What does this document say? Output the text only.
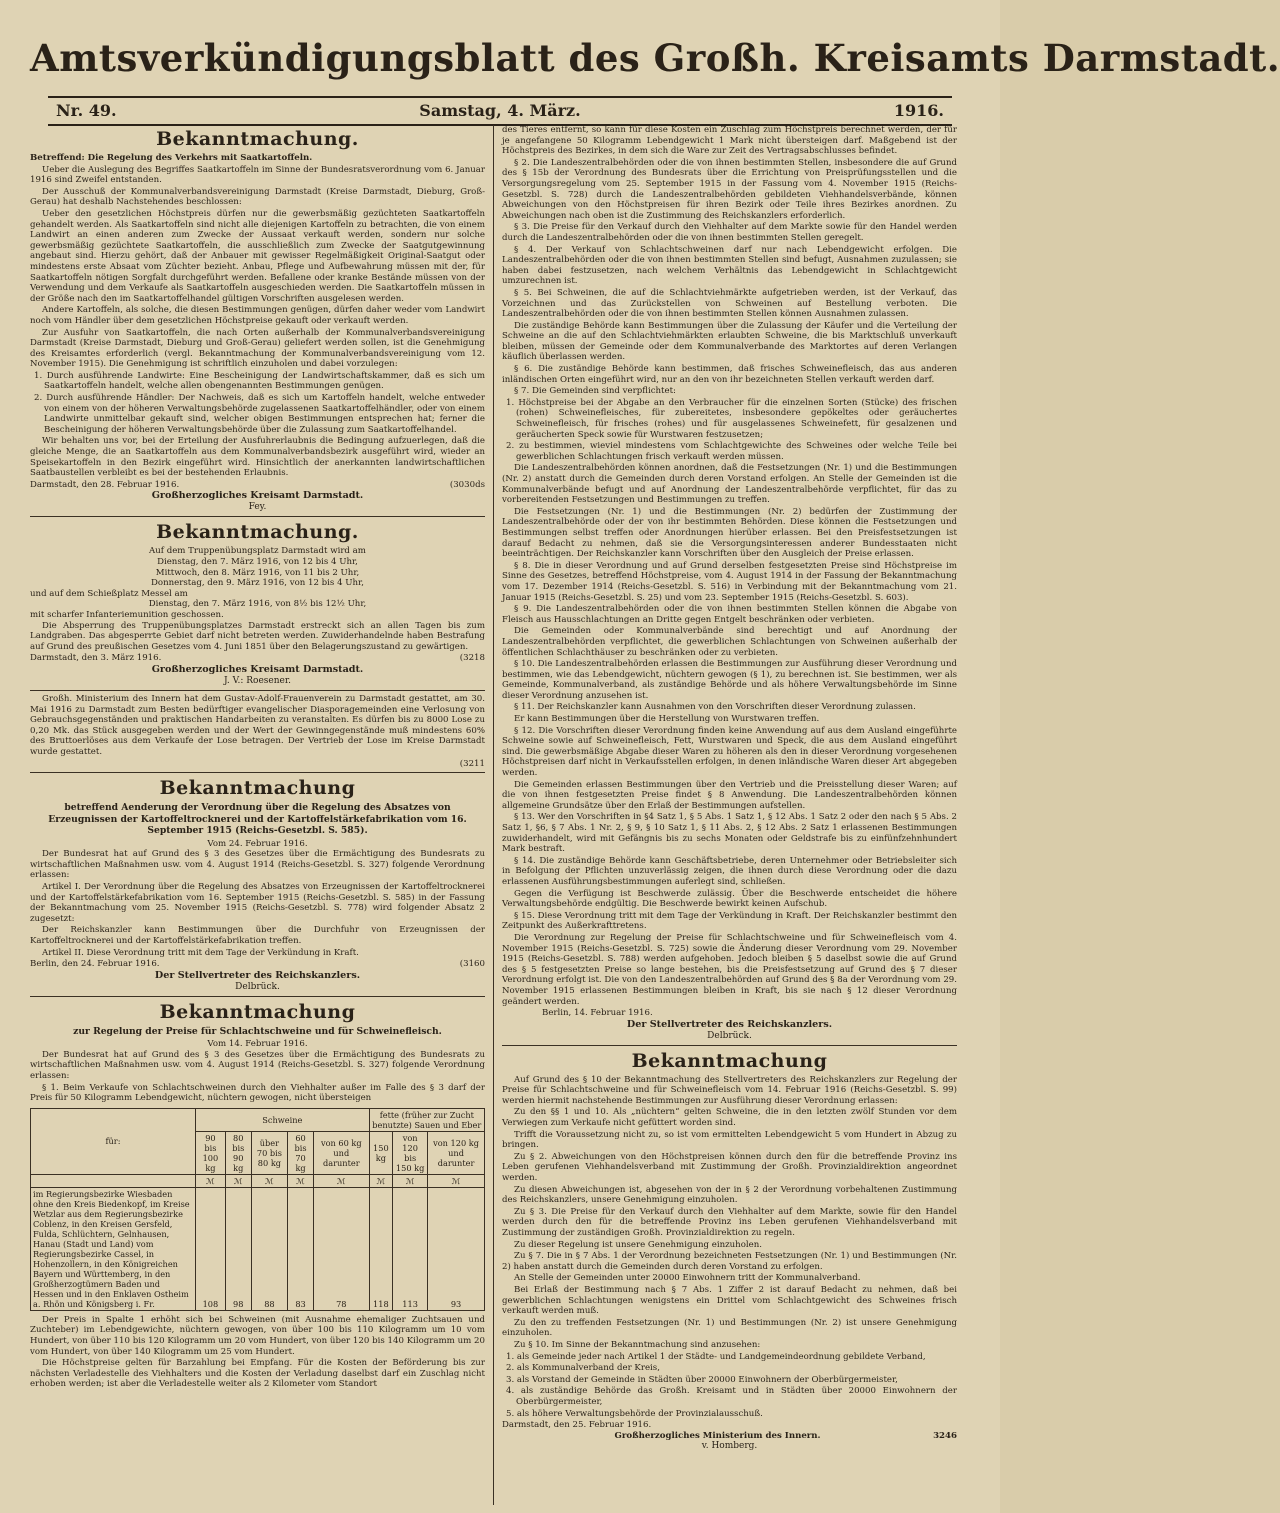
Amtsverkündigungsblatt des Großh. Kreisamts Darmstadt.
Nr. 49.	Samstag, 4. März.	1916.
Bekanntmachung.

Betreffend: Die Regelung des Verkehrs mit Saatkartoffeln.

Ueber die Auslegung des Begriffes Saatkartoffeln im Sinne der Bundesratsverordnung vom 6. Januar 1916 sind Zweifel entstanden.

Der Ausschuß der Kommunalverbandsvereinigung Darmstadt (Kreise Darmstadt, Dieburg, Groß-Gerau) hat deshalb Nachstehendes beschlossen:

Ueber den gesetzlichen Höchstpreis dürfen nur die gewerbsmäßig gezüchteten Saatkartoffeln gehandelt werden. Als Saatkartoffeln sind nicht alle diejenigen Kartoffeln zu betrachten, die von einem Landwirt an einen anderen zum Zwecke der Aussaat verkauft werden, sondern nur solche gewerbsmäßig gezüchtete Saatkartoffeln, die ausschließlich zum Zwecke der Saatgutgewinnung angebaut sind. Hierzu gehört, daß der Anbauer mit gewisser Regelmäßigkeit Original-Saatgut oder mindestens erste Absaat vom Züchter bezieht. Anbau, Pflege und Aufbewahrung müssen mit der, für Saatkartoffeln nötigen Sorgfalt durchgeführt werden. Befallene oder kranke Bestände müssen von der Verwendung und dem Verkaufe als Saatkartoffeln ausgeschieden werden. Die Saatkartoffeln müssen in der Größe nach den im Saatkartoffelhandel gültigen Vorschriften ausgelesen werden.

Andere Kartoffeln, als solche, die diesen Bestimmungen genügen, dürfen daher weder vom Landwirt noch vom Händler über dem gesetzlichen Höchstpreise gekauft oder verkauft werden.

Zur Ausfuhr von Saatkartoffeln, die nach Orten außerhalb der Kommunalverbandsvereinigung Darmstadt (Kreise Darmstadt, Dieburg und Groß-Gerau) geliefert werden sollen, ist die Genehmigung des Kreisamtes erforderlich (vergl. Bekanntmachung der Kommunalverbandsvereinigung vom 12. November 1915). Die Genehmigung ist schriftlich einzuholen und dabei vorzulegen:

1. Durch ausführende Landwirte: Eine Bescheinigung der Landwirtschaftskammer, daß es sich um Saatkartoffeln handelt, welche allen obengenannten Bestimmungen genügen.

2. Durch ausführende Händler: Der Nachweis, daß es sich um Kartoffeln handelt, welche entweder von einem von der höheren Verwaltungsbehörde zugelassenen Saatkartoffelhändler, oder von einem Landwirte unmittelbar gekauft sind, welcher obigen Bestimmungen entsprechen hat; ferner die Bescheinigung der höheren Verwaltungsbehörde über die Zulassung zum Saatkartoffelhandel.

Wir behalten uns vor, bei der Erteilung der Ausfuhrerlaubnis die Bedingung aufzuerlegen, daß die gleiche Menge, die an Saatkartoffeln aus dem Kommunalverbandsbezirk ausgeführt wird, wieder an Speisekartoffeln in den Bezirk eingeführt wird. Hinsichtlich der anerkannten landwirtschaftlichen Saatbaustellen verbleibt es bei der bestehenden Erlaubnis.

Darmstadt, den 28. Februar 1916.	(3030ds
Großherzogliches Kreisamt Darmstadt.
Fey.
Bekanntmachung.
Auf dem Truppenübungsplatz Darmstadt wird am
Dienstag, den 7. März 1916, von 12 bis 4 Uhr,
Mittwoch, den 8. März 1916, von 11 bis 2 Uhr,
Donnerstag, den 9. März 1916, von 12 bis 4 Uhr,
und auf dem Schießplatz Messel am
Dienstag, den 7. März 1916, von 8½ bis 12½ Uhr,
mit scharfer Infanteriemunition geschossen.

Die Absperrung des Truppenübungsplatzes Darmstadt erstreckt sich an allen Tagen bis zum Landgraben. Das abgesperrte Gebiet darf nicht betreten werden. Zuwiderhandelnde haben Bestrafung auf Grund des preußischen Gesetzes vom 4. Juni 1851 über den Belagerungszustand zu gewärtigen.

Darmstadt, den 3. März 1916.	(3218
Großherzogliches Kreisamt Darmstadt.
J. V.: Roesener.

Großh. Ministerium des Innern hat dem Gustav-Adolf-Frauenverein zu Darmstadt gestattet, am 30. Mai 1916 zu Darmstadt zum Besten bedürftiger evangelischer Diasporagemeinden eine Verlosung von Gebrauchsgegenständen und praktischen Handarbeiten zu veranstalten. Es dürfen bis zu 8000 Lose zu 0,20 Mk. das Stück ausgegeben werden und der Wert der Gewinngegenstände muß mindestens 60% des Bruttoerlöses aus dem Verkaufe der Lose betragen. Der Vertrieb der Lose im Kreise Darmstadt wurde gestattet.

(3211
Bekanntmachung
betreffend Aenderung der Verordnung über die Regelung des Absatzes von Erzeugnissen der Kartoffeltrocknerei und der Kartoffelstärkefabrikation vom 16. September 1915 (Reichs-Gesetzbl. S. 585).
Vom 24. Februar 1916.

Der Bundesrat hat auf Grund des § 3 des Gesetzes über die Ermächtigung des Bundesrats zu wirtschaftlichen Maßnahmen usw. vom 4. August 1914 (Reichs-Gesetzbl. S. 327) folgende Verordnung erlassen:

Artikel I. Der Verordnung über die Regelung des Absatzes von Erzeugnissen der Kartoffeltrocknerei und der Kartoffelstärkefabrikation vom 16. September 1915 (Reichs-Gesetzbl. S. 585) in der Fassung der Bekanntmachung vom 25. November 1915 (Reichs-Gesetzbl. S. 778) wird folgender Absatz 2 zugesetzt:

Der Reichskanzler kann Bestimmungen über die Durchfuhr von Erzeugnissen der Kartoffeltrocknerei und der Kartoffelstärkefabrikation treffen.

Artikel II. Diese Verordnung tritt mit dem Tage der Verkündung in Kraft.

Berlin, den 24. Februar 1916.	(3160
Der Stellvertreter des Reichskanzlers.
Delbrück.
Bekanntmachung
zur Regelung der Preise für Schlachtschweine und für Schweinefleisch.
Vom 14. Februar 1916.

Der Bundesrat hat auf Grund des § 3 des Gesetzes über die Ermächtigung des Bundesrats zu wirtschaftlichen Maßnahmen usw. vom 4. August 1914 (Reichs-Gesetzbl. S. 327) folgende Verordnung erlassen:

§ 1. Beim Verkaufe von Schlachtschweinen durch den Viehhalter außer im Falle des § 3 darf der Preis für 50 Kilogramm Lebendgewicht, nüchtern gewogen, nicht übersteigen

für:	Schweine					fette (früher zur Zucht benutzte) Sauen und Eber		
	90 bis 100 kg	80 bis 90 kg	über 70 bis 80 kg	60 bis 70 kg	von 60 kg und darunter	150 kg	von 120 bis 150 kg	von 120 kg und darunter
	ℳ	ℳ	ℳ	ℳ	ℳ	ℳ	ℳ	ℳ
im Regierungsbezirke Wiesbaden ohne den Kreis Biedenkopf, im Kreise Wetzlar aus dem Regierungsbezirke Coblenz, in den Kreisen Gersfeld, Fulda, Schlüchtern, Gelnhausen, Hanau (Stadt und Land) vom Regierungsbezirke Cassel, in Hohenzollern, in den Königreichen Bayern und Württemberg, in den Großherzogtümern Baden und Hessen und in den Enklaven Ostheim a. Rhön und Königsberg i. Fr.	108	98	88	83	78	118	113	93

Der Preis in Spalte 1 erhöht sich bei Schweinen (mit Ausnahme ehemaliger Zuchtsauen und Zuchteber) im Lebendgewichte, nüchtern gewogen, von über 100 bis 110 Kilogramm um 10 vom Hundert, von über 110 bis 120 Kilogramm um 20 vom Hundert, von über 120 bis 140 Kilogramm um 20 vom Hundert, von über 140 Kilogramm um 25 vom Hundert.

Die Höchstpreise gelten für Barzahlung bei Empfang. Für die Kosten der Beförderung bis zur nächsten Verladestelle des Viehhalters und die Kosten der Verladung daselbst darf ein Zuschlag nicht erhoben werden; ist aber die Verladestelle weiter als 2 Kilometer vom Standort

des Tieres entfernt, so kann für diese Kosten ein Zuschlag zum Höchstpreis berechnet werden, der für je angefangene 50 Kilogramm Lebendgewicht 1 Mark nicht übersteigen darf. Maßgebend ist der Höchstpreis des Bezirkes, in dem sich die Ware zur Zeit des Vertragsabschlusses befindet.

§ 2. Die Landeszentralbehörden oder die von ihnen bestimmten Stellen, insbesondere die auf Grund des § 15b der Verordnung des Bundesrats über die Errichtung von Preisprüfungsstellen und die Versorgungsregelung vom 25. September 1915 in der Fassung vom 4. November 1915 (Reichs-Gesetzbl. S. 728) durch die Landeszentralbehörden gebildeten Viehhandelsverbände, können Abweichungen von den Höchstpreisen für ihren Bezirk oder Teile ihres Bezirkes anordnen. Zu Abweichungen nach oben ist die Zustimmung des Reichskanzlers erforderlich.

§ 3. Die Preise für den Verkauf durch den Viehhalter auf dem Markte sowie für den Handel werden durch die Landeszentralbehörden oder die von ihnen bestimmten Stellen geregelt.

§ 4. Der Verkauf von Schlachtschweinen darf nur nach Lebendgewicht erfolgen. Die Landeszentralbehörden oder die von ihnen bestimmten Stellen sind befugt, Ausnahmen zuzulassen; sie haben dabei festzusetzen, nach welchem Verhältnis das Lebendgewicht in Schlachtgewicht umzurechnen ist.

§ 5. Bei Schweinen, die auf die Schlachtviehmärkte aufgetrieben werden, ist der Verkauf, das Vorzeichnen und das Zurückstellen von Schweinen auf Bestellung verboten. Die Landeszentralbehörden oder die von ihnen bestimmten Stellen können Ausnahmen zulassen.

Die zuständige Behörde kann Bestimmungen über die Zulassung der Käufer und die Verteilung der Schweine an die auf den Schlachtviehmärkten erlaubten Schweine, die bis Marktschluß unverkauft bleiben, müssen der Gemeinde oder dem Kommunalverbande des Marktortes auf deren Verlangen käuflich überlassen werden.

§ 6. Die zuständige Behörde kann bestimmen, daß frisches Schweinefleisch, das aus anderen inländischen Orten eingeführt wird, nur an den von ihr bezeichneten Stellen verkauft werden darf.

§ 7. Die Gemeinden sind verpflichtet:

1. Höchstpreise bei der Abgabe an den Verbraucher für die einzelnen Sorten (Stücke) des frischen (rohen) Schweinefleisches, für zubereitetes, insbesondere gepökeltes oder geräuchertes Schweinefleisch, für frisches (rohes) und für ausgelassenes Schweinefett, für gesalzenen und geräucherten Speck sowie für Wurstwaren festzusetzen;

2. zu bestimmen, wieviel mindestens vom Schlachtgewichte des Schweines oder welche Teile bei gewerblichen Schlachtungen frisch verkauft werden müssen.

Die Landeszentralbehörden können anordnen, daß die Festsetzungen (Nr. 1) und die Bestimmungen (Nr. 2) anstatt durch die Gemeinden durch deren Vorstand erfolgen. An Stelle der Gemeinden ist die Kommunalverbände befugt und auf Anordnung der Landeszentralbehörde verpflichtet, für das zu vorbereitenden Festsetzungen und Bestimmungen zu treffen.

Die Festsetzungen (Nr. 1) und die Bestimmungen (Nr. 2) bedürfen der Zustimmung der Landeszentralbehörde oder der von ihr bestimmten Behörden. Diese können die Festsetzungen und Bestimmungen selbst treffen oder Anordnungen hierüber erlassen. Bei den Preisfestsetzungen ist darauf Bedacht zu nehmen, daß sie die Versorgungsinteressen anderer Bundesstaaten nicht beeinträchtigen. Der Reichskanzler kann Vorschriften über den Ausgleich der Preise erlassen.

§ 8. Die in dieser Verordnung und auf Grund derselben festgesetzten Preise sind Höchstpreise im Sinne des Gesetzes, betreffend Höchstpreise, vom 4. August 1914 in der Fassung der Bekanntmachung vom 17. Dezember 1914 (Reichs-Gesetzbl. S. 516) in Verbindung mit der Bekanntmachung vom 21. Januar 1915 (Reichs-Gesetzbl. S. 25) und vom 23. September 1915 (Reichs-Gesetzbl. S. 603).

§ 9. Die Landeszentralbehörden oder die von ihnen bestimmten Stellen können die Abgabe von Fleisch aus Hausschlachtungen an Dritte gegen Entgelt beschränken oder verbieten.

Die Gemeinden oder Kommunalverbände sind berechtigt und auf Anordnung der Landeszentralbehörden verpflichtet, die gewerblichen Schlachtungen von Schweinen außerhalb der öffentlichen Schlachthäuser zu beschränken oder zu verbieten.

§ 10. Die Landeszentralbehörden erlassen die Bestimmungen zur Ausführung dieser Verordnung und bestimmen, wie das Lebendgewicht, nüchtern gewogen (§ 1), zu berechnen ist. Sie bestimmen, wer als Gemeinde, Kommunalverband, als zuständige Behörde und als höhere Verwaltungsbehörde im Sinne dieser Verordnung anzusehen ist.

§ 11. Der Reichskanzler kann Ausnahmen von den Vorschriften dieser Verordnung zulassen.

Er kann Bestimmungen über die Herstellung von Wurstwaren treffen.

§ 12. Die Vorschriften dieser Verordnung finden keine Anwendung auf aus dem Ausland eingeführte Schweine sowie auf Schweinefleisch, Fett, Wurstwaren und Speck, die aus dem Ausland eingeführt sind. Die gewerbsmäßige Abgabe dieser Waren zu höheren als den in dieser Verordnung vorgesehenen Höchstpreisen darf nicht in Verkaufsstellen erfolgen, in denen inländische Waren dieser Art abgegeben werden.

Die Gemeinden erlassen Bestimmungen über den Vertrieb und die Preisstellung dieser Waren; auf die von ihnen festgesetzten Preise findet § 8 Anwendung. Die Landeszentralbehörden können allgemeine Grundsätze über den Erlaß der Bestimmungen aufstellen.

§ 13. Wer den Vorschriften in §4 Satz 1, § 5 Abs. 1 Satz 1, § 12 Abs. 1 Satz 2 oder den nach § 5 Abs. 2 Satz 1, §6, § 7 Abs. 1 Nr. 2, § 9, § 10 Satz 1, § 11 Abs. 2, § 12 Abs. 2 Satz 1 erlassenen Bestimmungen zuwiderhandelt, wird mit Gefängnis bis zu sechs Monaten oder Geldstrafe bis zu einfünfzehnhundert Mark bestraft.

§ 14. Die zuständige Behörde kann Geschäftsbetriebe, deren Unternehmer oder Betriebsleiter sich in Befolgung der Pflichten unzuverlässig zeigen, die ihnen durch diese Verordnung oder die dazu erlassenen Ausführungsbestimmungen auferlegt sind, schließen.

Gegen die Verfügung ist Beschwerde zulässig. Über die Beschwerde entscheidet die höhere Verwaltungsbehörde endgültig. Die Beschwerde bewirkt keinen Aufschub.

§ 15. Diese Verordnung tritt mit dem Tage der Verkündung in Kraft. Der Reichskanzler bestimmt den Zeitpunkt des Außerkrafttretens.

Die Verordnung zur Regelung der Preise für Schlachtschweine und für Schweinefleisch vom 4. November 1915 (Reichs-Gesetzbl. S. 725) sowie die Änderung dieser Verordnung vom 29. November 1915 (Reichs-Gesetzbl. S. 788) werden aufgehoben. Jedoch bleiben § 5 daselbst sowie die auf Grund des § 5 festgesetzten Preise so lange bestehen, bis die Preisfestsetzung auf Grund des § 7 dieser Verordnung erfolgt ist. Die von den Landeszentralbehörden auf Grund des § 8a der Verordnung vom 29. November 1915 erlassenen Bestimmungen bleiben in Kraft, bis sie nach § 12 dieser Verordnung geändert werden.

Berlin, 14. Februar 1916.
Der Stellvertreter des Reichskanzlers.
Delbrück.
Bekanntmachung

Auf Grund des § 10 der Bekanntmachung des Stellvertreters des Reichskanzlers zur Regelung der Preise für Schlachtschweine und für Schweinefleisch vom 14. Februar 1916 (Reichs-Gesetzbl. S. 99) werden hiermit nachstehende Bestimmungen zur Ausführung dieser Verordnung erlassen:

Zu den §§ 1 und 10. Als „nüchtern“ gelten Schweine, die in den letzten zwölf Stunden vor dem Verwiegen zum Verkaufe nicht gefüttert worden sind.

Trifft die Voraussetzung nicht zu, so ist vom ermittelten Lebendgewicht 5 vom Hundert in Abzug zu bringen.

Zu § 2. Abweichungen von den Höchstpreisen können durch den für die betreffende Provinz ins Leben gerufenen Viehhandelsverband mit Zustimmung der Großh. Provinzialdirektion angeordnet werden.

Zu diesen Abweichungen ist, abgesehen von der in § 2 der Verordnung vorbehaltenen Zustimmung des Reichskanzlers, unsere Genehmigung einzuholen.

Zu § 3. Die Preise für den Verkauf durch den Viehhalter auf dem Markte, sowie für den Handel werden durch den für die betreffende Provinz ins Leben gerufenen Viehhandelsverband mit Zustimmung der zuständigen Großh. Provinzialdirektion zu regeln.

Zu dieser Regelung ist unsere Genehmigung einzuholen.

Zu § 7. Die in § 7 Abs. 1 der Verordnung bezeichneten Festsetzungen (Nr. 1) und Bestimmungen (Nr. 2) haben anstatt durch die Gemeinden durch deren Vorstand zu erfolgen.

An Stelle der Gemeinden unter 20000 Einwohnern tritt der Kommunalverband.

Bei Erlaß der Bestimmung nach § 7 Abs. 1 Ziffer 2 ist darauf Bedacht zu nehmen, daß bei gewerblichen Schlachtungen wenigstens ein Drittel vom Schlachtgewicht des Schweines frisch verkauft werden muß.

Zu den zu treffenden Festsetzungen (Nr. 1) und Bestimmungen (Nr. 2) ist unsere Genehmigung einzuholen.

Zu § 10. Im Sinne der Bekanntmachung sind anzusehen:

1. als Gemeinde jeder nach Artikel 1 der Städte- und Landgemeindeordnung gebildete Verband,

2. als Kommunalverband der Kreis,

3. als Vorstand der Gemeinde in Städten über 20000 Einwohnern der Oberbürgermeister,

4. als zuständige Behörde das Großh. Kreisamt und in Städten über 20000 Einwohnern der Oberbürgermeister,

5. als höhere Verwaltungsbehörde der Provinzialausschuß.

Darmstadt, den 25. Februar 1916.
Großherzogliches Ministerium des Innern.	3246
v. Homberg.
